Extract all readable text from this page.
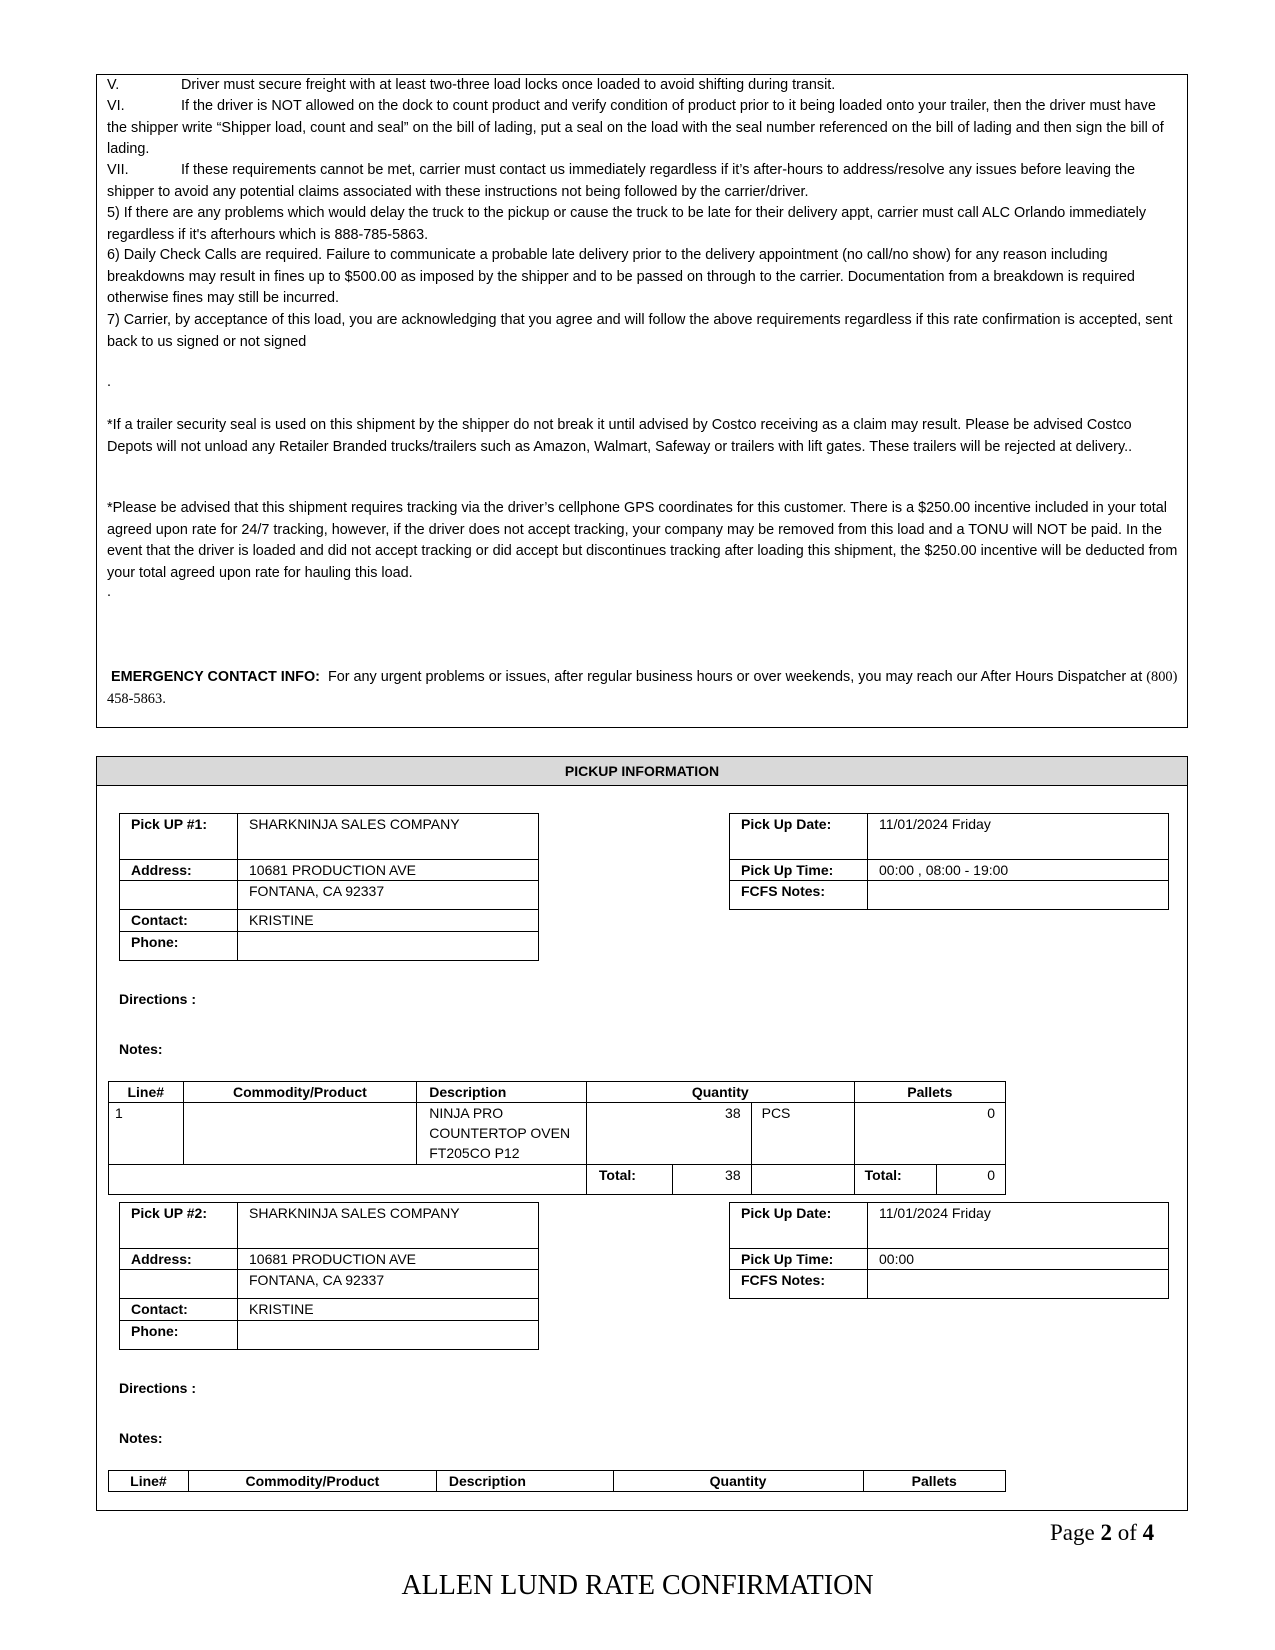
V.	Driver must secure freight with at least two-three load locks once loaded to avoid shifting during transit.
VI.	If the driver is NOT allowed on the dock to count product and verify condition of product prior to it being loaded onto your trailer, then the driver must have the shipper write “Shipper load, count and seal” on the bill of lading, put a seal on the load with the seal number referenced on the bill of lading and then sign the bill of lading.
VII.	If these requirements cannot be met, carrier must contact us immediately regardless if it’s after-hours to address/resolve any issues before leaving the shipper to avoid any potential claims associated with these instructions not being followed by the carrier/driver.
5) If there are any problems which would delay the truck to the pickup or cause the truck to be late for their delivery appt, carrier must call ALC Orlando immediately regardless if it's afterhours which is 888-785-5863.
6) Daily Check Calls are required. Failure to communicate a probable late delivery prior to the delivery appointment (no call/no show) for any reason including breakdowns may result in fines up to $500.00 as imposed by the shipper and to be passed on through to the carrier. Documentation from a breakdown is required otherwise fines may still be incurred.
7) Carrier, by acceptance of this load, you are acknowledging that you agree and will follow the above requirements regardless if this rate confirmation is accepted, sent back to us signed or not signed
.
*If a trailer security seal is used on this shipment by the shipper do not break it until advised by Costco receiving as a claim may result. Please be advised Costco Depots will not unload any Retailer Branded trucks/trailers such as Amazon, Walmart, Safeway or trailers with lift gates. These trailers will be rejected at delivery..
*Please be advised that this shipment requires tracking via the driver’s cellphone GPS coordinates for this customer. There is a $250.00 incentive included in your total agreed upon rate for 24/7 tracking, however, if the driver does not accept tracking, your company may be removed from this load and a TONU will NOT be paid. In the event that the driver is loaded and did not accept tracking or did accept but discontinues tracking after loading this shipment, the $250.00 incentive will be deducted from your total agreed upon rate for hauling this load.
.
EMERGENCY CONTACT INFO: For any urgent problems or issues, after regular business hours or over weekends, you may reach our After Hours Dispatcher at (800) 458-5863.
PICKUP INFORMATION
Pick UP #1:	SHARKNINJA SALES COMPANY
Address:	10681 PRODUCTION AVE
	FONTANA, CA 92337
Contact:	KRISTINE
Phone:	
Pick Up Date:	11/01/2024 Friday
Pick Up Time:	00:00 , 08:00 - 19:00
FCFS Notes:	
Directions :
Notes:
Line#	Commodity/Product	Description	Quantity			Pallets	
1		NINJA PRO
COUNTERTOP OVEN
FT205CO P12	38		PCS	0	
			Total:	38		Total:	0
Pick UP #2:	SHARKNINJA SALES COMPANY
Address:	10681 PRODUCTION AVE
	FONTANA, CA 92337
Contact:	KRISTINE
Phone:	
Pick Up Date:	11/01/2024 Friday
Pick Up Time:	00:00
FCFS Notes:	
Directions :
Notes:
Line#	Commodity/Product	Description	Quantity	Pallets
Page 2 of 4
ALLEN LUND RATE CONFIRMATION
